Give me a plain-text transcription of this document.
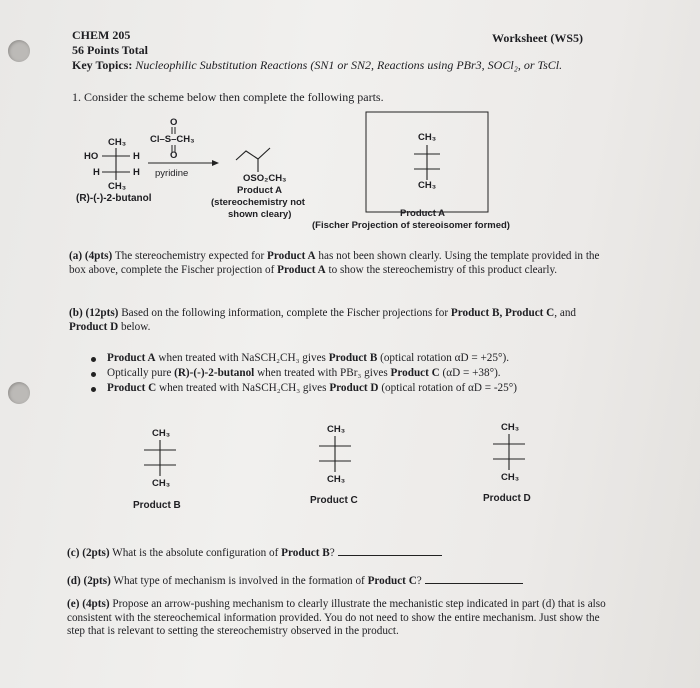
CHEM 205
56 Points Total
Key Topics: Nucleophilic Substitution Reactions (SN1 or SN2, Reactions using PBr3, SOCl₂, or TsCl.
Worksheet (WS5)
1. Consider the scheme below then complete the following parts.
CH₃
HO	H
H	H
CH₃
(R)-(-)-2-butanol
O
Cl–S–CH₃
O
pyridine	OSO₂CH₃
Product A
(stereochemistry not
shown cleary)
CH₃
CH₃
Product A
(Fischer Projection of stereoisomer formed)
(a) (4pts) The stereochemistry expected for Product A has not been shown clearly. Using the template provided in the box above, complete the Fischer projection of Product A to show the stereochemistry of this product clearly.
(b) (12pts) Based on the following information, complete the Fischer projections for Product B, Product C, and Product D below.
Product A when treated with NaSCH₂CH₃ gives Product B (optical rotation αD = +25°).
Optically pure (R)-(-)-2-butanol when treated with PBr₃ gives Product C (αD = +38°).
Product C when treated with NaSCH₂CH₃ gives Product D (optical rotation of αD = -25°)
CH₃
CH₃
Product B
CH₃
CH₃
Product C
CH₃
CH₃
Product D
(c) (2pts) What is the absolute configuration of Product B?
(d) (2pts) What type of mechanism is involved in the formation of Product C?
(e) (4pts) Propose an arrow-pushing mechanism to clearly illustrate the mechanistic step indicated in part (d) that is also consistent with the stereochemical information provided. You do not need to show the entire mechanism. Just show the step that is relevant to setting the stereochemistry observed in the product.
